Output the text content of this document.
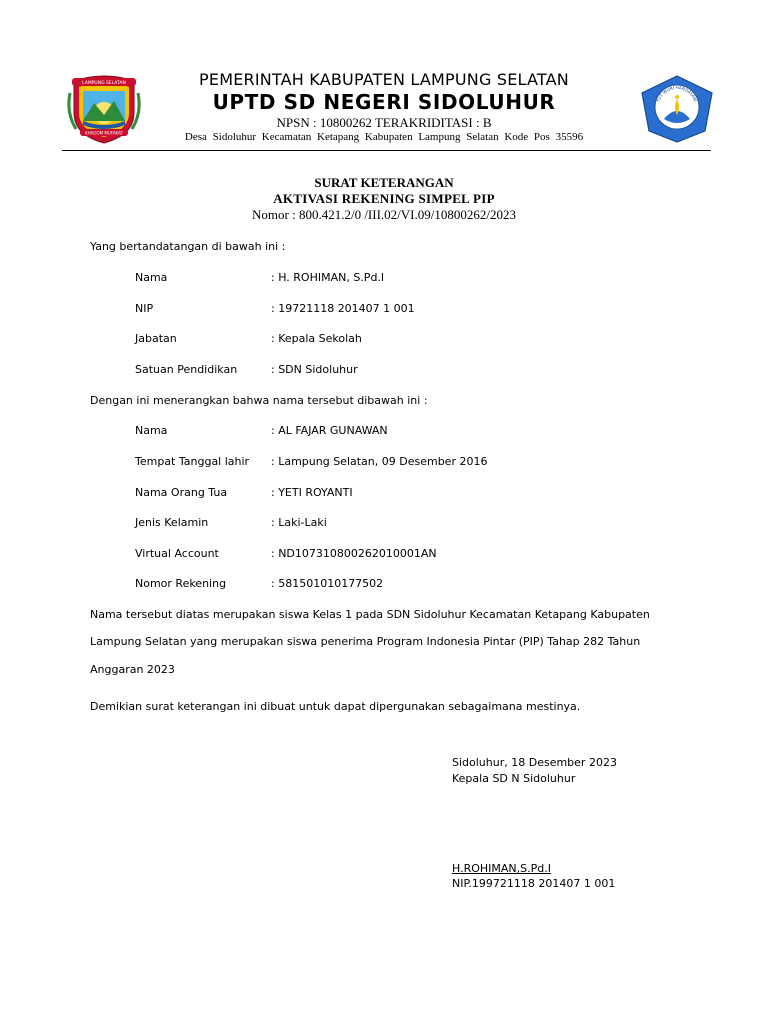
LAMPUNG SELATAN
KHAGOM MUFAKAT
TUT WURI HANDAYANI
PEMERINTAH KABUPATEN LAMPUNG SELATAN
UPTD SD NEGERI SIDOLUHUR
NPSN : 10800262 TERAKRIDITASI : B
Desa Sidoluhur Kecamatan Ketapang Kabupaten Lampung Selatan Kode Pos 35596
SURAT KETERANGAN
AKTIVASI REKENING SIMPEL PIP
Nomor : 800.421.2/0 /III.02/VI.09/10800262/2023
Yang bertandatangan di bawah ini :
Nama	: H. ROHIMAN, S.Pd.I
NIP	: 19721118 201407 1 001
Jabatan	: Kepala Sekolah
Satuan Pendidikan	: SDN Sidoluhur
Dengan ini menerangkan bahwa nama tersebut dibawah ini :
Nama	: AL FAJAR GUNAWAN
Tempat Tanggal lahir : Lampung Selatan, 09 Desember 2016
Nama Orang Tua	: YETI ROYANTI
Jenis Kelamin	: Laki-Laki
Virtual Account	: ND107310800262010001AN
Nomor Rekening	: 581501010177502
Nama tersebut diatas merupakan siswa Kelas 1 pada SDN Sidoluhur Kecamatan Ketapang Kabupaten
Lampung Selatan yang merupakan siswa penerima Program Indonesia Pintar (PIP) Tahap 282 Tahun
Anggaran 2023
Demikian surat keterangan ini dibuat untuk dapat dipergunakan sebagaimana mestinya.
Sidoluhur, 18 Desember 2023
Kepala SD N Sidoluhur
H.ROHIMAN,S.Pd.I
NIP.199721118 201407 1 001
